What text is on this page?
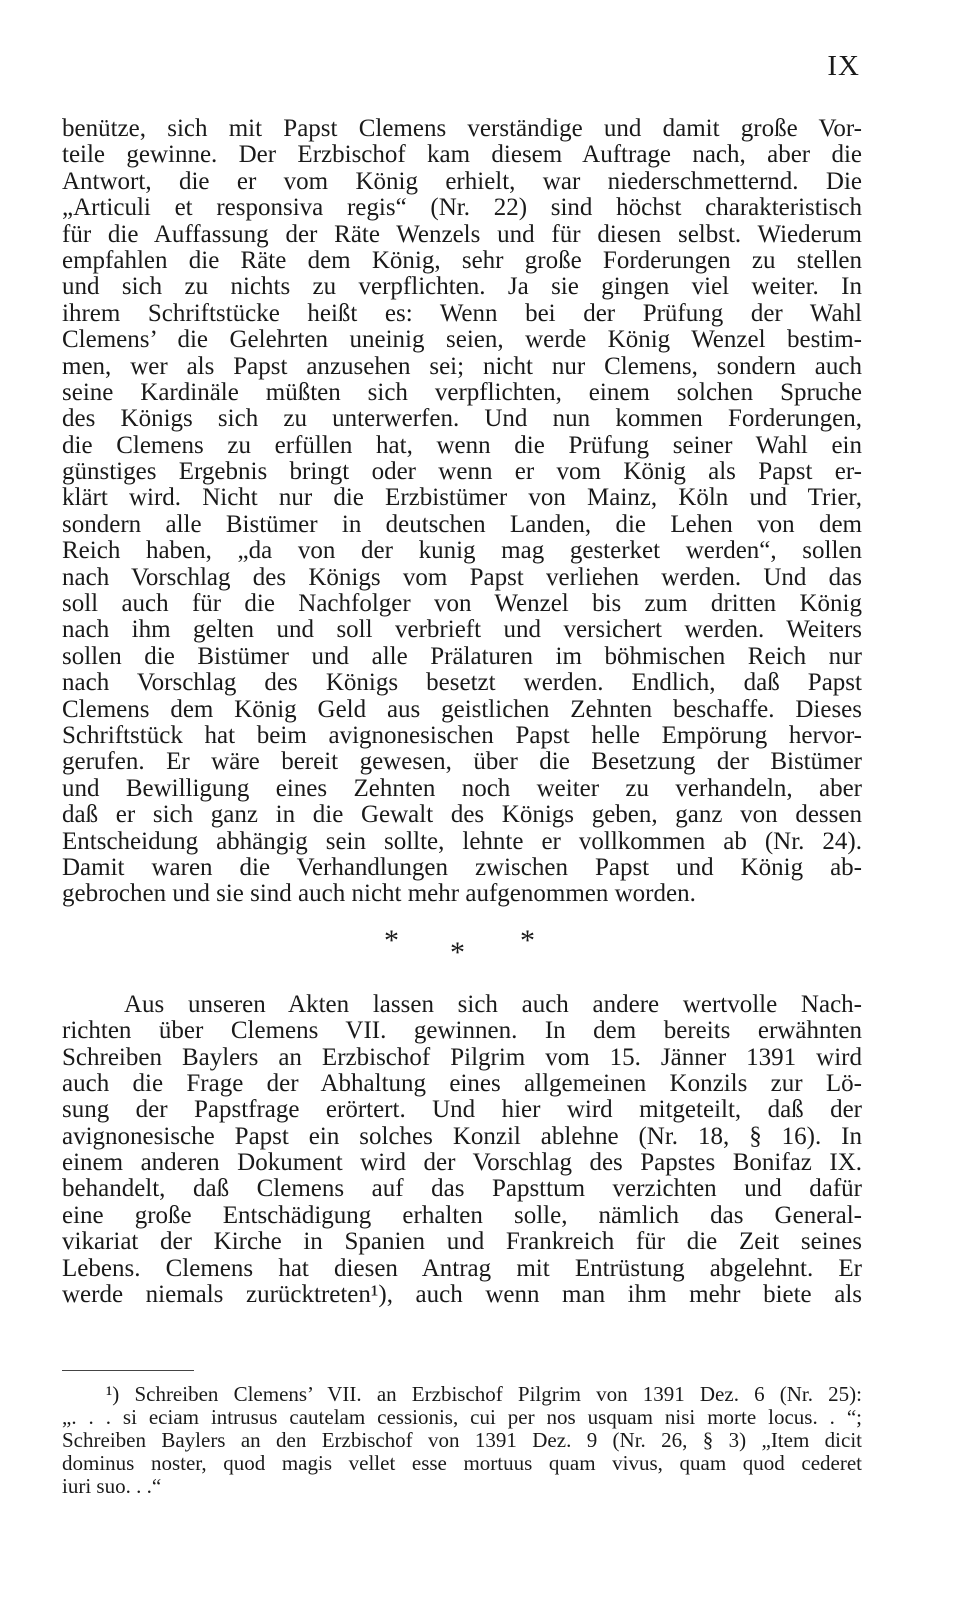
IX
benütze, sich mit Papst Clemens verständige und damit große Vor-
teile gewinne. Der Erzbischof kam diesem Auftrage nach, aber die
Antwort, die er vom König erhielt, war niederschmetternd. Die
„Articuli et responsiva regis“ (Nr. 22) sind höchst charakteristisch
für die Auffassung der Räte Wenzels und für diesen selbst. Wiederum
empfahlen die Räte dem König, sehr große Forderungen zu stellen
und sich zu nichts zu verpflichten. Ja sie gingen viel weiter. In
ihrem Schriftstücke heißt es: Wenn bei der Prüfung der Wahl
Clemens’ die Gelehrten uneinig seien, werde König Wenzel bestim-
men, wer als Papst anzusehen sei; nicht nur Clemens, sondern auch
seine Kardinäle müßten sich verpflichten, einem solchen Spruche
des Königs sich zu unterwerfen. Und nun kommen Forderungen,
die Clemens zu erfüllen hat, wenn die Prüfung seiner Wahl ein
günstiges Ergebnis bringt oder wenn er vom König als Papst er-
klärt wird. Nicht nur die Erzbistümer von Mainz, Köln und Trier,
sondern alle Bistümer in deutschen Landen, die Lehen von dem
Reich haben, „da von der kunig mag gesterket werden“, sollen
nach Vorschlag des Königs vom Papst verliehen werden. Und das
soll auch für die Nachfolger von Wenzel bis zum dritten König
nach ihm gelten und soll verbrieft und versichert werden. Weiters
sollen die Bistümer und alle Prälaturen im böhmischen Reich nur
nach Vorschlag des Königs besetzt werden. Endlich, daß Papst
Clemens dem König Geld aus geistlichen Zehnten beschaffe. Dieses
Schriftstück hat beim avignonesischen Papst helle Empörung hervor-
gerufen. Er wäre bereit gewesen, über die Besetzung der Bistümer
und Bewilligung eines Zehnten noch weiter zu verhandeln, aber
daß er sich ganz in die Gewalt des Königs geben, ganz von dessen
Entscheidung abhängig sein sollte, lehnte er vollkommen ab (Nr. 24).
Damit waren die Verhandlungen zwischen Papst und König ab-
gebrochen und sie sind auch nicht mehr aufgenommen worden.
* * *
Aus unseren Akten lassen sich auch andere wertvolle Nach-
richten über Clemens VII. gewinnen. In dem bereits erwähnten
Schreiben Baylers an Erzbischof Pilgrim vom 15. Jänner 1391 wird
auch die Frage der Abhaltung eines allgemeinen Konzils zur Lö-
sung der Papstfrage erörtert. Und hier wird mitgeteilt, daß der
avignonesische Papst ein solches Konzil ablehne (Nr. 18, § 16). In
einem anderen Dokument wird der Vorschlag des Papstes Bonifaz IX.
behandelt, daß Clemens auf das Papsttum verzichten und dafür
eine große Entschädigung erhalten solle, nämlich das General-
vikariat der Kirche in Spanien und Frankreich für die Zeit seines
Lebens. Clemens hat diesen Antrag mit Entrüstung abgelehnt. Er
werde niemals zurücktreten¹), auch wenn man ihm mehr biete als
¹) Schreiben Clemens’ VII. an Erzbischof Pilgrim von 1391 Dez. 6 (Nr. 25):
„. . . si eciam intrusus cautelam cessionis, cui per nos usquam nisi morte locus. . “;
Schreiben Baylers an den Erzbischof von 1391 Dez. 9 (Nr. 26, § 3) „Item dicit
dominus noster, quod magis vellet esse mortuus quam vivus, quam quod cederet
iuri suo. . .“
